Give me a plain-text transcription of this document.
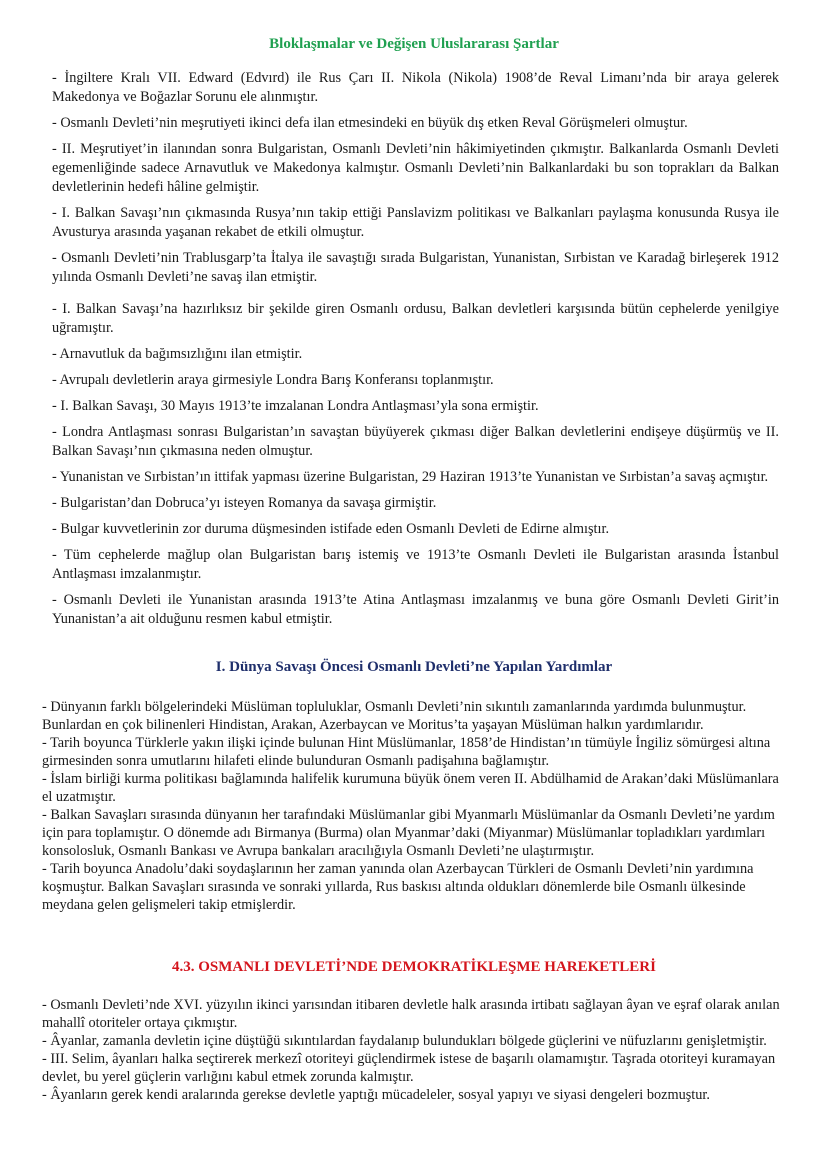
Bloklaşmalar ve Değişen Uluslararası Şartlar

- İngiltere Kralı VII. Edward (Edvırd) ile Rus Çarı II. Nikola (Nikola) 1908’de Reval Limanı’nda bir araya gelerek Makedonya ve Boğazlar Sorunu ele alınmıştır.

- Osmanlı Devleti’nin meşrutiyeti ikinci defa ilan etmesindeki en büyük dış etken Reval Görüşmeleri olmuştur.

- II. Meşrutiyet’in ilanından sonra Bulgaristan, Osmanlı Devleti’nin hâkimiyetinden çıkmıştır. Balkanlarda Osmanlı Devleti egemenliğinde sadece Arnavutluk ve Makedonya kalmıştır. Osmanlı Devleti’nin Balkanlardaki bu son toprakları da Balkan devletlerinin hedefi hâline gelmiştir.

- I. Balkan Savaşı’nın çıkmasında Rusya’nın takip ettiği Panslavizm politikası ve Balkanları paylaşma konusunda Rusya ile Avusturya arasında yaşanan rekabet de etkili olmuştur.

- Osmanlı Devleti’nin Trablusgarp’ta İtalya ile savaştığı sırada Bulgaristan, Yunanistan, Sırbistan ve Karadağ birleşerek 1912 yılında Osmanlı Devleti’ne savaş ilan etmiştir.

- I. Balkan Savaşı’na hazırlıksız bir şekilde giren Osmanlı ordusu, Balkan devletleri karşısında bütün cephelerde yenilgiye uğramıştır.

- Arnavutluk da bağımsızlığını ilan etmiştir.

- Avrupalı devletlerin araya girmesiyle Londra Barış Konferansı toplanmıştır.

- I. Balkan Savaşı, 30 Mayıs 1913’te imzalanan Londra Antlaşması’yla sona ermiştir.

- Londra Antlaşması sonrası Bulgaristan’ın savaştan büyüyerek çıkması diğer Balkan devletlerini endişeye düşürmüş ve II. Balkan Savaşı’nın çıkmasına neden olmuştur.

- Yunanistan ve Sırbistan’ın ittifak yapması üzerine Bulgaristan, 29 Haziran 1913’te Yunanistan ve Sırbistan’a savaş açmıştır.

- Bulgaristan’dan Dobruca’yı isteyen Romanya da savaşa girmiştir.

- Bulgar kuvvetlerinin zor duruma düşmesinden istifade eden Osmanlı Devleti de Edirne almıştır.

- Tüm cephelerde mağlup olan Bulgaristan barış istemiş ve 1913’te Osmanlı Devleti ile Bulgaristan arasında İstanbul Antlaşması imzalanmıştır.

- Osmanlı Devleti ile Yunanistan arasında 1913’te Atina Antlaşması imzalanmış ve buna göre Osmanlı Devleti Girit’in Yunanistan’a ait olduğunu resmen kabul etmiştir.

I. Dünya Savaşı Öncesi Osmanlı Devleti’ne Yapılan Yardımlar

- Dünyanın farklı bölgelerindeki Müslüman topluluklar, Osmanlı Devleti’nin sıkıntılı zamanlarında yardımda bulunmuştur. Bunlardan en çok bilinenleri Hindistan, Arakan, Azerbaycan ve Moritus’ta yaşayan Müslüman halkın yardımlarıdır.

- Tarih boyunca Türklerle yakın ilişki içinde bulunan Hint Müslümanlar, 1858’de Hindistan’ın tümüyle İngiliz sömürgesi altına girmesinden sonra umutlarını hilafeti elinde bulunduran Osmanlı padişahına bağlamıştır.

- İslam birliği kurma politikası bağlamında halifelik kurumuna büyük önem veren II. Abdülhamid de Arakan’daki Müslümanlara el uzatmıştır.

- Balkan Savaşları sırasında dünyanın her tarafındaki Müslümanlar gibi Myanmarlı Müslümanlar da Osmanlı Devleti’ne yardım için para toplamıştır. O dönemde adı Birmanya (Burma) olan Myanmar’daki (Miyanmar) Müslümanlar topladıkları yardımları konsolosluk, Osmanlı Bankası ve Avrupa bankaları aracılığıyla Osmanlı Devleti’ne ulaştırmıştır.

- Tarih boyunca Anadolu’daki soydaşlarının her zaman yanında olan Azerbaycan Türkleri de Osmanlı Devleti’nin yardımına koşmuştur. Balkan Savaşları sırasında ve sonraki yıllarda, Rus baskısı altında oldukları dönemlerde bile Osmanlı ülkesinde meydana gelen gelişmeleri takip etmişlerdir.

4.3. OSMANLI DEVLETİ’NDE DEMOKRATİKLEŞME HAREKETLERİ

- Osmanlı Devleti’nde XVI. yüzyılın ikinci yarısından itibaren devletle halk arasında irtibatı sağlayan âyan ve eşraf olarak anılan mahallî otoriteler ortaya çıkmıştır.

- Âyanlar, zamanla devletin içine düştüğü sıkıntılardan faydalanıp bulundukları bölgede güçlerini ve nüfuzlarını genişletmiştir.

- III. Selim, âyanları halka seçtirerek merkezî otoriteyi güçlendirmek istese de başarılı olamamıştır. Taşrada otoriteyi kuramayan devlet, bu yerel güçlerin varlığını kabul etmek zorunda kalmıştır.

- Âyanların gerek kendi aralarında gerekse devletle yaptığı mücadeleler, sosyal yapıyı ve siyasi dengeleri bozmuştur.
